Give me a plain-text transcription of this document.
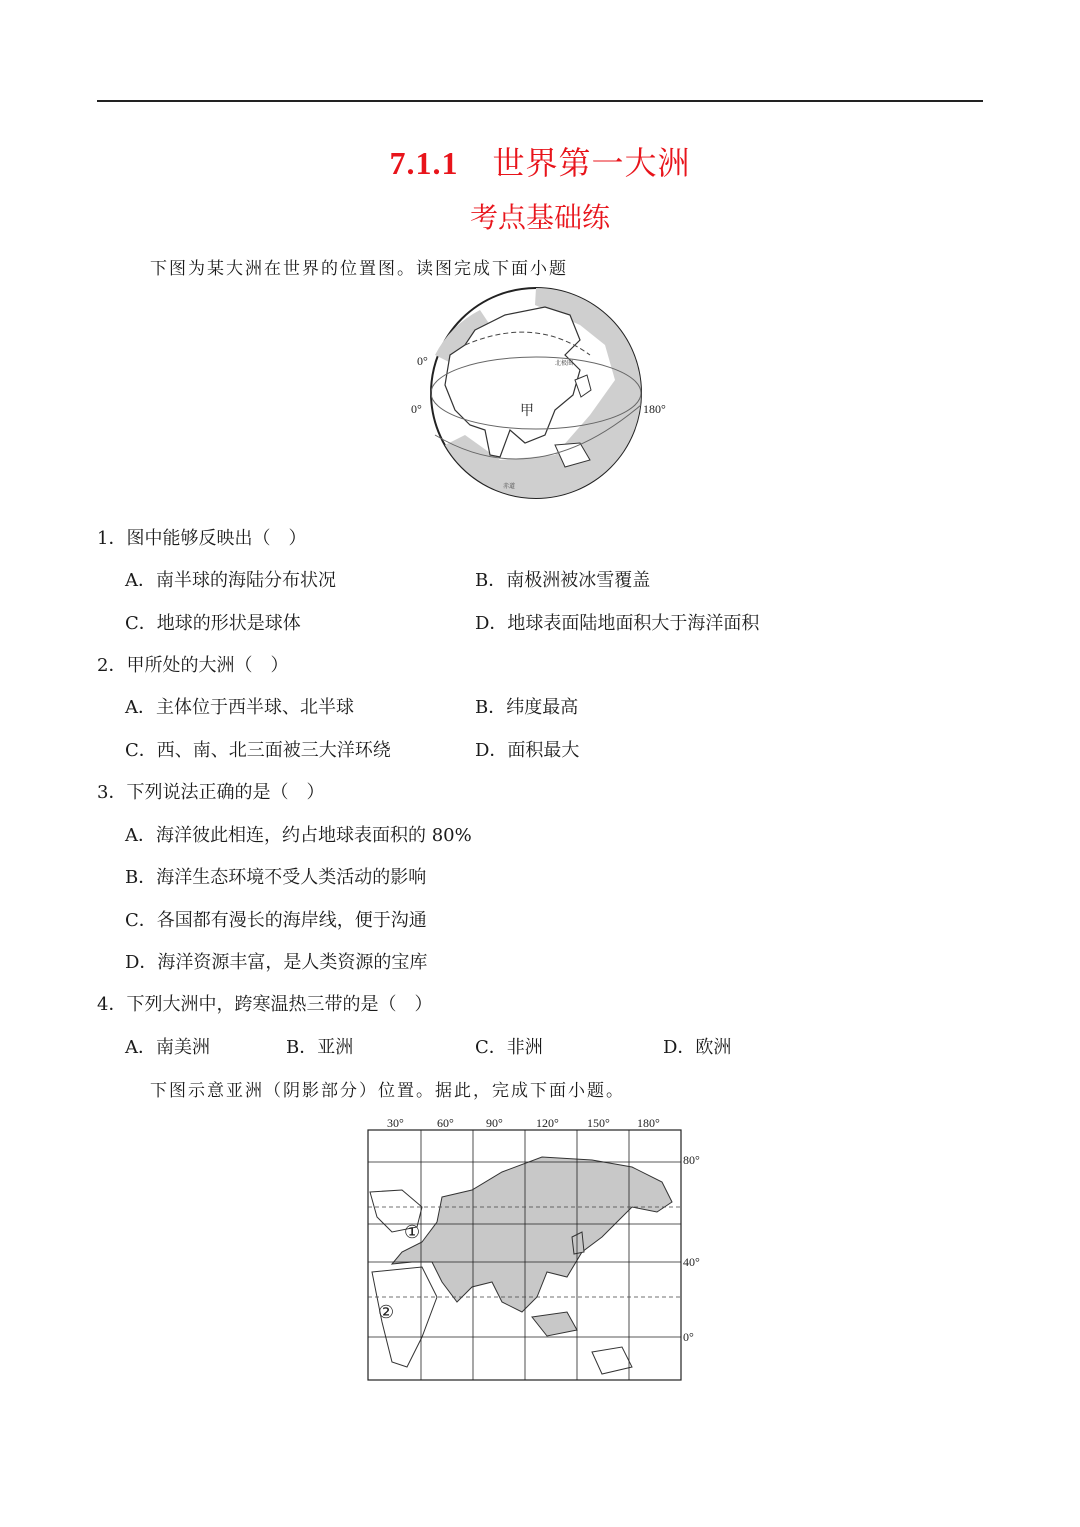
7.1.1 世界第一大洲
考点基础练
下图为某大洲在世界的位置图。读图完成下面小题
0°
0°	180°
甲
北极圈
赤道
1．图中能够反映出（　）
A．南半球的海陆分布状况	B．南极洲被冰雪覆盖
C．地球的形状是球体	D．地球表面陆地面积大于海洋面积
2．甲所处的大洲（　）
A．主体位于西半球、北半球	B．纬度最高
C．西、南、北三面被三大洋环绕	D．面积最大
3．下列说法正确的是（　）
A．海洋彼此相连，约占地球表面积的 80%
B．海洋生态环境不受人类活动的影响
C．各国都有漫长的海岸线，便于沟通
D．海洋资源丰富，是人类资源的宝库
4．下列大洲中，跨寒温热三带的是（　）
A．南美洲	B．亚洲	C．非洲	D．欧洲
下图示意亚洲（阴影部分）位置。据此，完成下面小题。
30°	60°	90°	120° 150° 180°
80°
40°
0°
①
②
